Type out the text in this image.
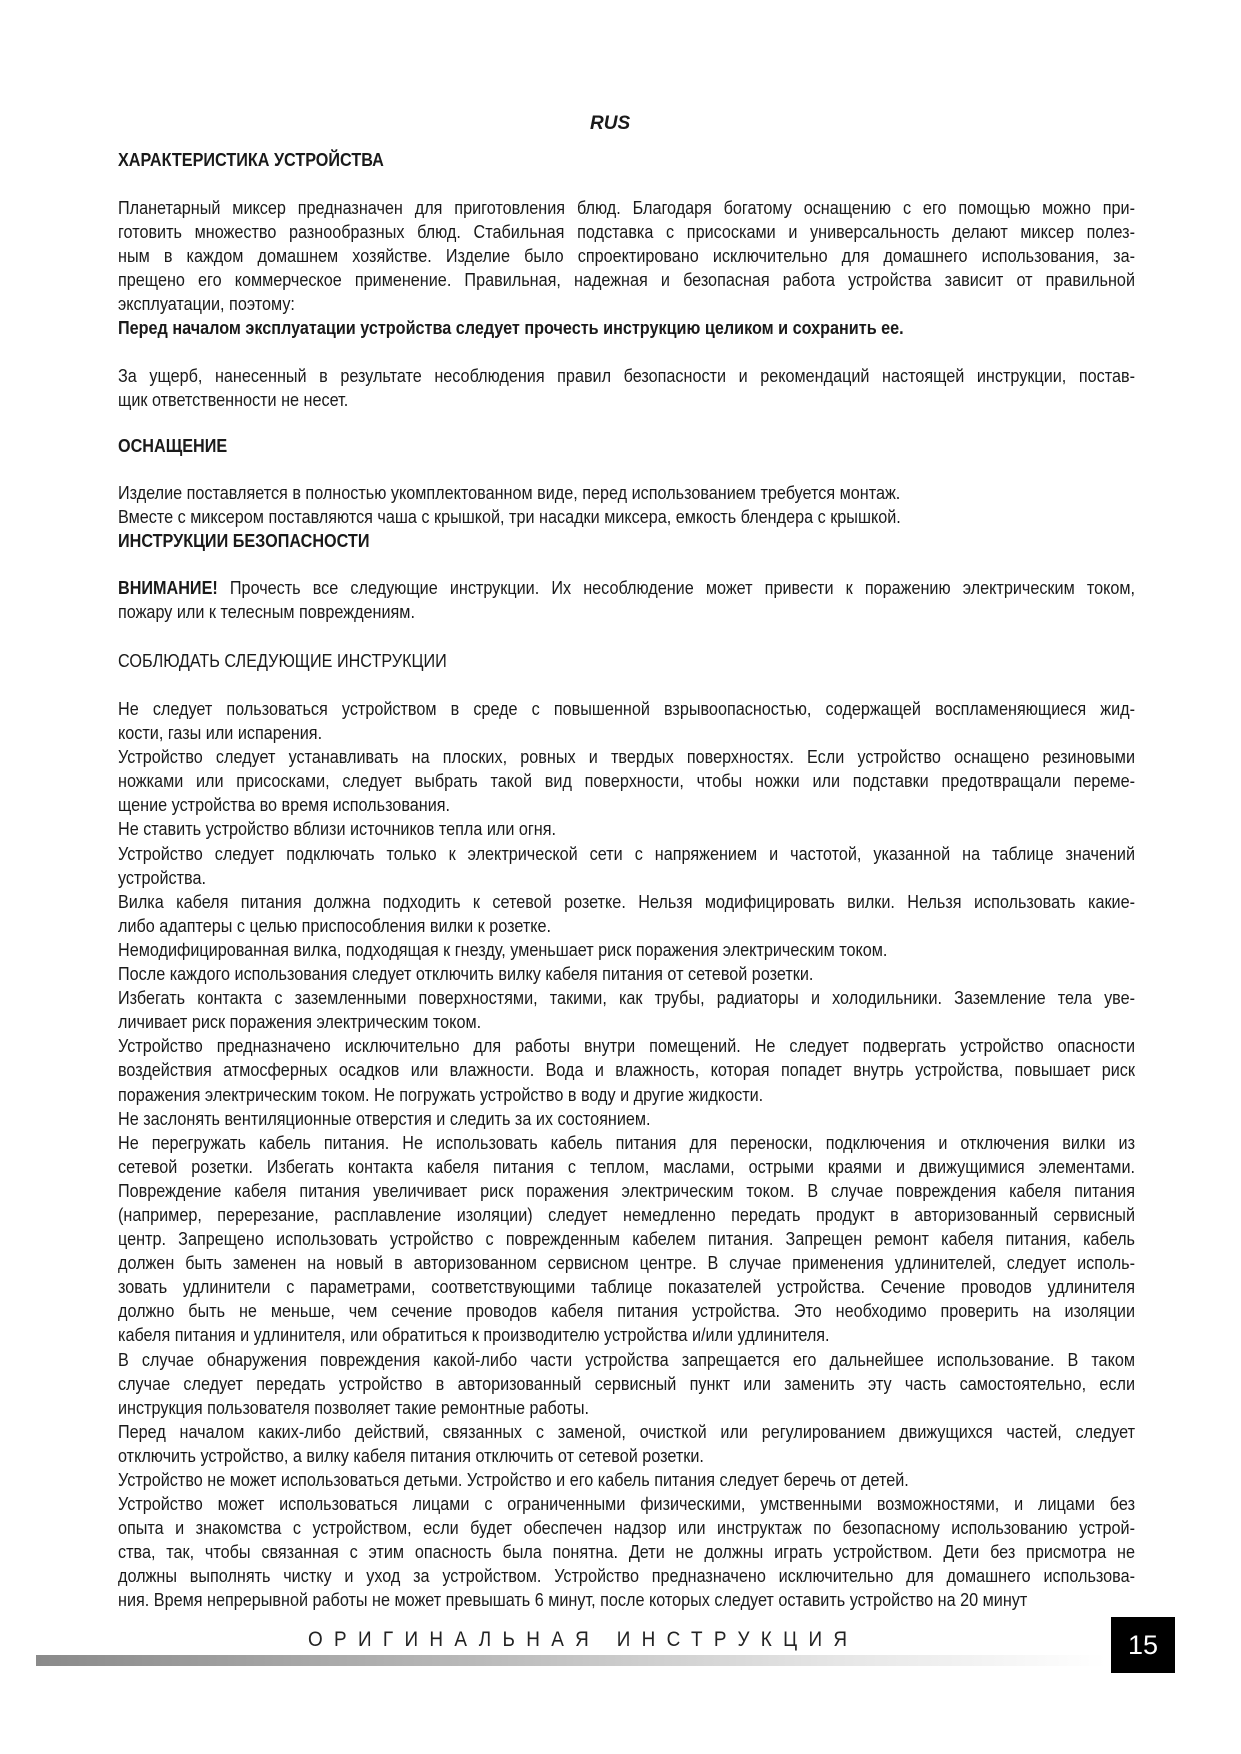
RUS
ХАРАКТЕРИСТИКА УСТРОЙСТВА
Планетарный миксер предназначен для приготовления блюд. Благодаря богатому оснащению с его помощью можно при-
готовить множество разнообразных блюд. Стабильная подставка с присосками и универсальность делают миксер полез-
ным в каждом домашнем хозяйстве. Изделие было спроектировано исключительно для домашнего использования, за-
прещено его коммерческое применение. Правильная, надежная и безопасная работа устройства зависит от правильной
эксплуатации, поэтому:
Перед началом эксплуатации устройства следует прочесть инструкцию целиком и сохранить ее.
За ущерб, нанесенный в результате несоблюдения правил безопасности и рекомендаций настоящей инструкции, постав-
щик ответственности не несет.
ОСНАЩЕНИЕ
Изделие поставляется в полностью укомплектованном виде, перед использованием требуется монтаж.
Вместе с миксером поставляются чаша с крышкой, три насадки миксера, емкость блендера с крышкой.
ИНСТРУКЦИИ БЕЗОПАСНОСТИ
СОБЛЮДАТЬ СЛЕДУЮЩИЕ ИНСТРУКЦИИ
Не следует пользоваться устройством в среде с повышенной взрывоопасностью, содержащей воспламеняющиеся жид-
кости, газы или испарения.
Устройство следует устанавливать на плоских, ровных и твердых поверхностях. Если устройство оснащено резиновыми
ножками или присосками, следует выбрать такой вид поверхности, чтобы ножки или подставки предотвращали переме-
щение устройства во время использования.
Не ставить устройство вблизи источников тепла или огня.
Устройство следует подключать только к электрической сети с напряжением и частотой, указанной на таблице значений
устройства.
Вилка кабеля питания должна подходить к сетевой розетке. Нельзя модифицировать вилки. Нельзя использовать какие-
либо адаптеры с целью приспособления вилки к розетке.
Немодифицированная вилка, подходящая к гнезду, уменьшает риск поражения электрическим током.
После каждого использования следует отключить вилку кабеля питания от сетевой розетки.
Избегать контакта с заземленными поверхностями, такими, как трубы, радиаторы и холодильники. Заземление тела уве-
личивает риск поражения электрическим током.
Устройство предназначено исключительно для работы внутри помещений. Не следует подвергать устройство опасности
воздействия атмосферных осадков или влажности. Вода и влажность, которая попадет внутрь устройства, повышает риск
поражения электрическим током. Не погружать устройство в воду и другие жидкости.
Не заслонять вентиляционные отверстия и следить за их состоянием.
Не перегружать кабель питания. Не использовать кабель питания для переноски, подключения и отключения вилки из
сетевой розетки. Избегать контакта кабеля питания с теплом, маслами, острыми краями и движущимися элементами.
Повреждение кабеля питания увеличивает риск поражения электрическим током. В случае повреждения кабеля питания
(например, перерезание, расплавление изоляции) следует немедленно передать продукт в авторизованный сервисный
центр. Запрещено использовать устройство с поврежденным кабелем питания. Запрещен ремонт кабеля питания, кабель
должен быть заменен на новый в авторизованном сервисном центре. В случае применения удлинителей, следует исполь-
зовать удлинители с параметрами, соответствующими таблице показателей устройства. Сечение проводов удлинителя
должно быть не меньше, чем сечение проводов кабеля питания устройства. Это необходимо проверить на изоляции
кабеля питания и удлинителя, или обратиться к производителю устройства и/или удлинителя.
В случае обнаружения повреждения какой-либо части устройства запрещается его дальнейшее использование. В таком
случае следует передать устройство в авторизованный сервисный пункт или заменить эту часть самостоятельно, если
инструкция пользователя позволяет такие ремонтные работы.
Перед началом каких-либо действий, связанных с заменой, очисткой или регулированием движущихся частей, следует
отключить устройство, а вилку кабеля питания отключить от сетевой розетки.
Устройство не может использоваться детьми. Устройство и его кабель питания следует беречь от детей.
Устройство может использоваться лицами с ограниченными физическими, умственными возможностями, и лицами без
опыта и знакомства с устройством, если будет обеспечен надзор или инструктаж по безопасному использованию устрой-
ства, так, чтобы связанная с этим опасность была понятна. Дети не должны играть устройством. Дети без присмотра не
должны выполнять чистку и уход за устройством. Устройство предназначено исключительно для домашнего использова-
ния. Время непрерывной работы не может превышать 6 минут, после которых следует оставить устройство на 20 минут
ВНИМАНИЕ! Прочесть все следующие инструкции. Их несоблюдение может привести к поражению электрическим током,
пожару или к телесным повреждениям.
ОРИГИНАЛЬНАЯ ИНСТРУКЦИЯ	15
